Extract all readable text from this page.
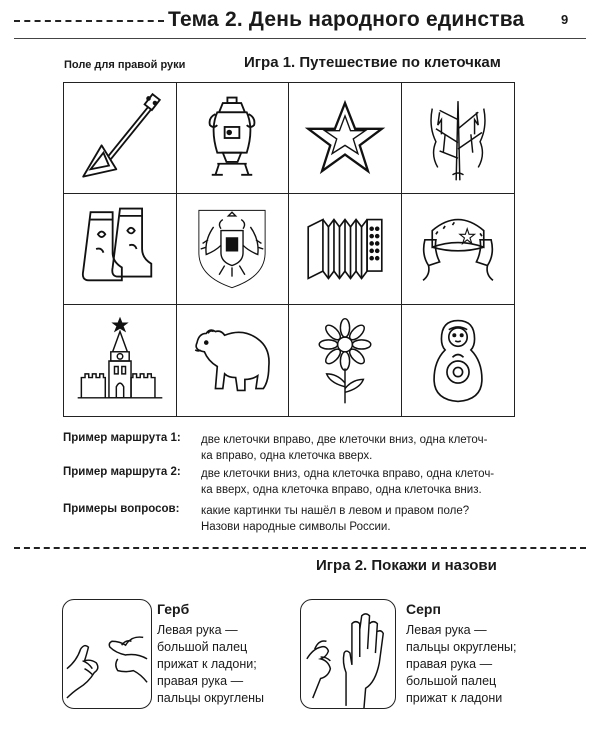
Тема 2. День народного единства	9
Поле для правой руки	Игра 1. Путешествие по клеточкам
Пример маршрута 1: две клеточки вправо, две клеточки вниз, одна клеточ-
ка вправо, одна клеточка вверх.
Пример маршрута 2: две клеточки вниз, одна клеточка вправо, одна клеточ-
ка вверх, одна клеточка вправо, одна клеточка вниз.
Примеры вопросов: какие картинки ты нашёл в левом и правом поле?
Назови народные символы России.
Игра 2. Покажи и назови
Герб
Левая рука —
большой палец
прижат к ладони;
правая рука —
пальцы округлены
Серп
Левая рука —
пальцы округлены;
правая рука —
большой палец
прижат к ладони
